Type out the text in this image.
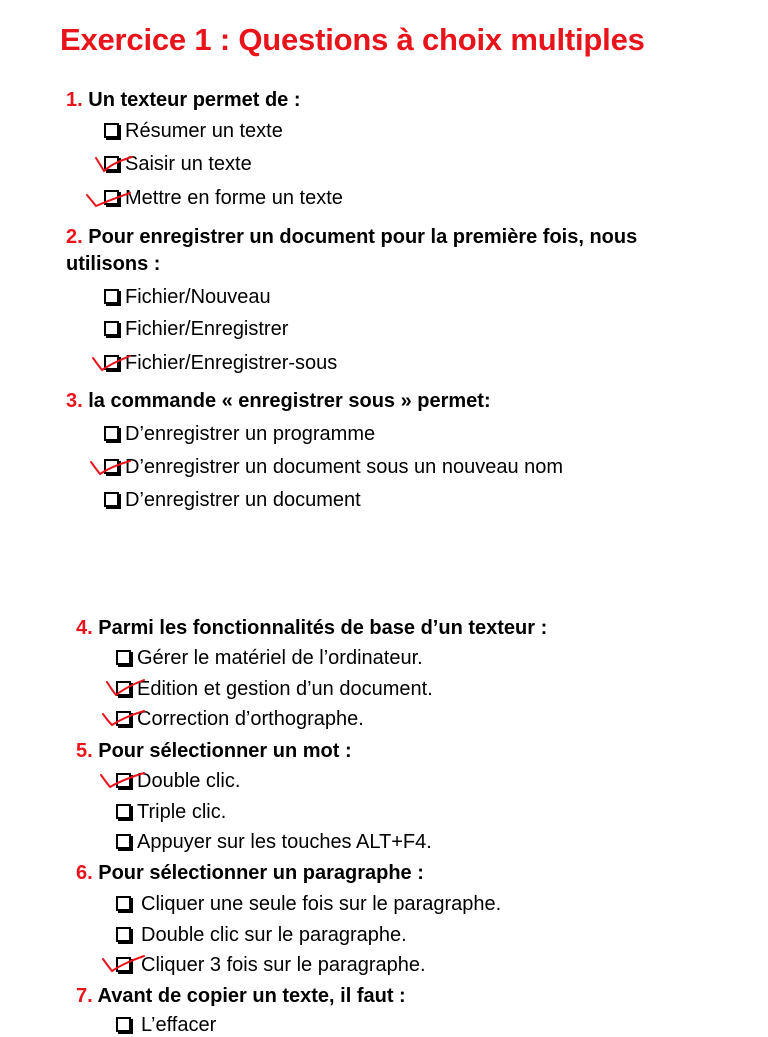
Exercice 1 : Questions à choix multiples
1. Un texteur permet de :
Résumer un texte
Saisir un texte
Mettre en forme un texte
2. Pour enregistrer un document pour la première fois, nous
utilisons :
Fichier/Nouveau
Fichier/Enregistrer
Fichier/Enregistrer-sous
3. la commande « enregistrer sous » permet:
D’enregistrer un programme
D’enregistrer un document sous un nouveau nom
D’enregistrer un document
4. Parmi les fonctionnalités de base d’un texteur :
Gérer le matériel de l’ordinateur.
Edition et gestion d’un document.
Correction d’orthographe.
5. Pour sélectionner un mot :
Double clic.
Triple clic.
Appuyer sur les touches ALT+F4.
6. Pour sélectionner un paragraphe :
Cliquer une seule fois sur le paragraphe.
Double clic sur le paragraphe.
Cliquer 3 fois sur le paragraphe.
7. Avant de copier un texte, il faut :
L’effacer
